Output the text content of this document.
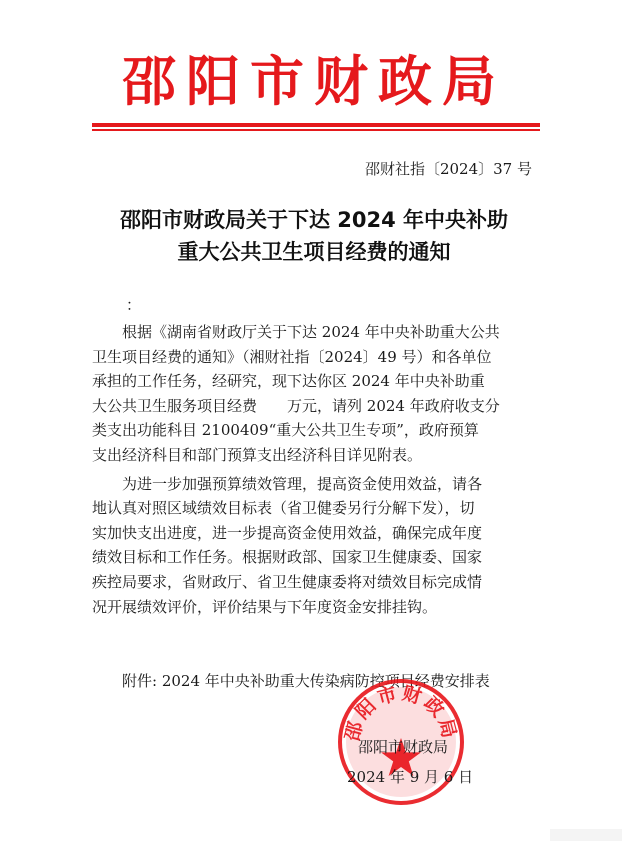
邵阳市财政局
邵财社指〔2024〕37 号
邵阳市财政局关于下达 2024 年中央补助
重大公共卫生项目经费的通知
：
根据《湖南省财政厅关于下达 2024 年中央补助重大公共
卫生项目经费的通知》（湘财社指〔2024〕49 号）和各单位
承担的工作任务，经研究，现下达你区 2024 年中央补助重
大公共卫生服务项目经费　　万元，请列 2024 年政府收支分
类支出功能科目 2100409“重大公共卫生专项”，政府预算
支出经济科目和部门预算支出经济科目详见附表。
为进一步加强预算绩效管理，提高资金使用效益，请各
地认真对照区域绩效目标表（省卫健委另行分解下发），切
实加快支出进度，进一步提高资金使用效益，确保完成年度
绩效目标和工作任务。根据财政部、国家卫生健康委、国家
疾控局要求，省财政厅、省卫生健康委将对绩效目标完成情
况开展绩效评价，评价结果与下年度资金安排挂钩。
附件: 2024 年中央补助重大传染病防控项目经费安排表
邵阳市财政局
邵阳市财政局
2024 年 9 月 6 日
